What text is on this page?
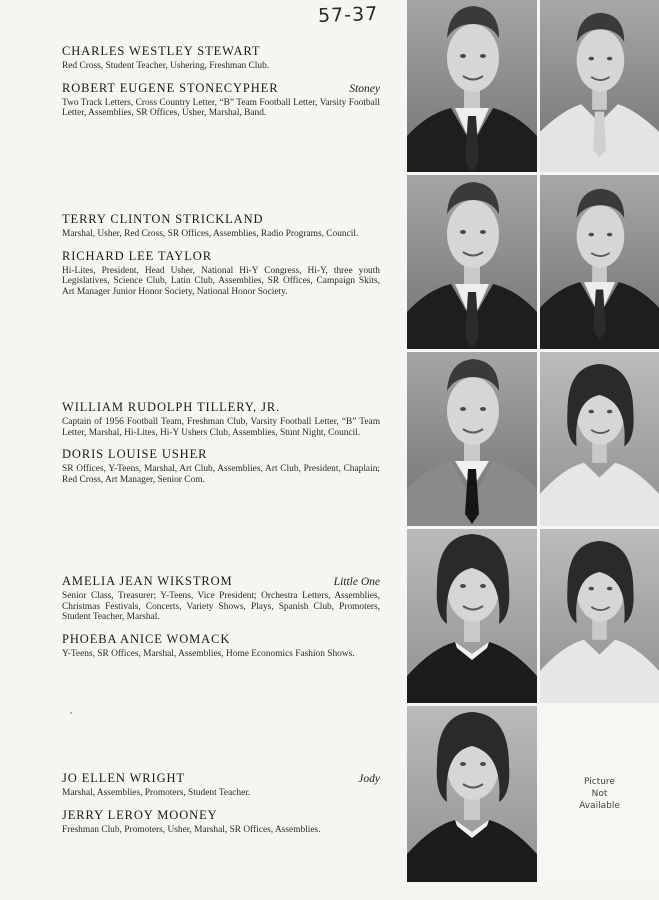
57-37
CHARLES WESTLEY STEWART
Red Cross, Student Teacher, Ushering, Freshman Club.
ROBERT EUGENE STONECYPHER	Stoney
Two Track Letters, Cross Country Letter, “B” Team Football Letter, Varsity Football Letter, Assemblies, SR Offices, Usher, Marshal, Band.
TERRY CLINTON STRICKLAND
Marshal, Usher, Red Cross, SR Offices, Assemblies, Radio Programs, Council.
RICHARD LEE TAYLOR
Hi-Lites, President, Head Usher, National Hi-Y Congress, Hi-Y, three youth Legislatives, Science Club, Latin Club, Assemblies, SR Offices, Campaign Skits, Art Manager Junior Honor Society, National Honor Society.
WILLIAM RUDOLPH TILLERY, JR.
Captain of 1956 Football Team, Freshman Club, Varsity Football Letter, “B” Team Letter, Marshal, Hi-Lites, Hi-Y Ushers Club, Assemblies, Stunt Night, Council.
DORIS LOUISE USHER
SR Offices, Y-Teens, Marshal, Art Club, Assemblies, Art Club, President, Chaplain; Red Cross, Art Manager, Senior Com.
AMELIA JEAN WIKSTROM	Little One
Senior Class, Treasurer; Y-Teens, Vice President; Orchestra Letters, Assemblies, Christmas Festivals, Concerts, Variety Shows, Plays, Spanish Club, Promoters, Student Teacher, Marshal.
PHOEBA ANICE WOMACK
Y-Teens, SR Offices, Marshal, Assemblies, Home Economics Fashion Shows.
JO ELLEN WRIGHT	Jody
Marshal, Assemblies, Promoters, Student Teacher.
JERRY LEROY MOONEY
Freshman Club, Promoters, Usher, Marshal, SR Offices, Assemblies.
Picture
Not
Available
